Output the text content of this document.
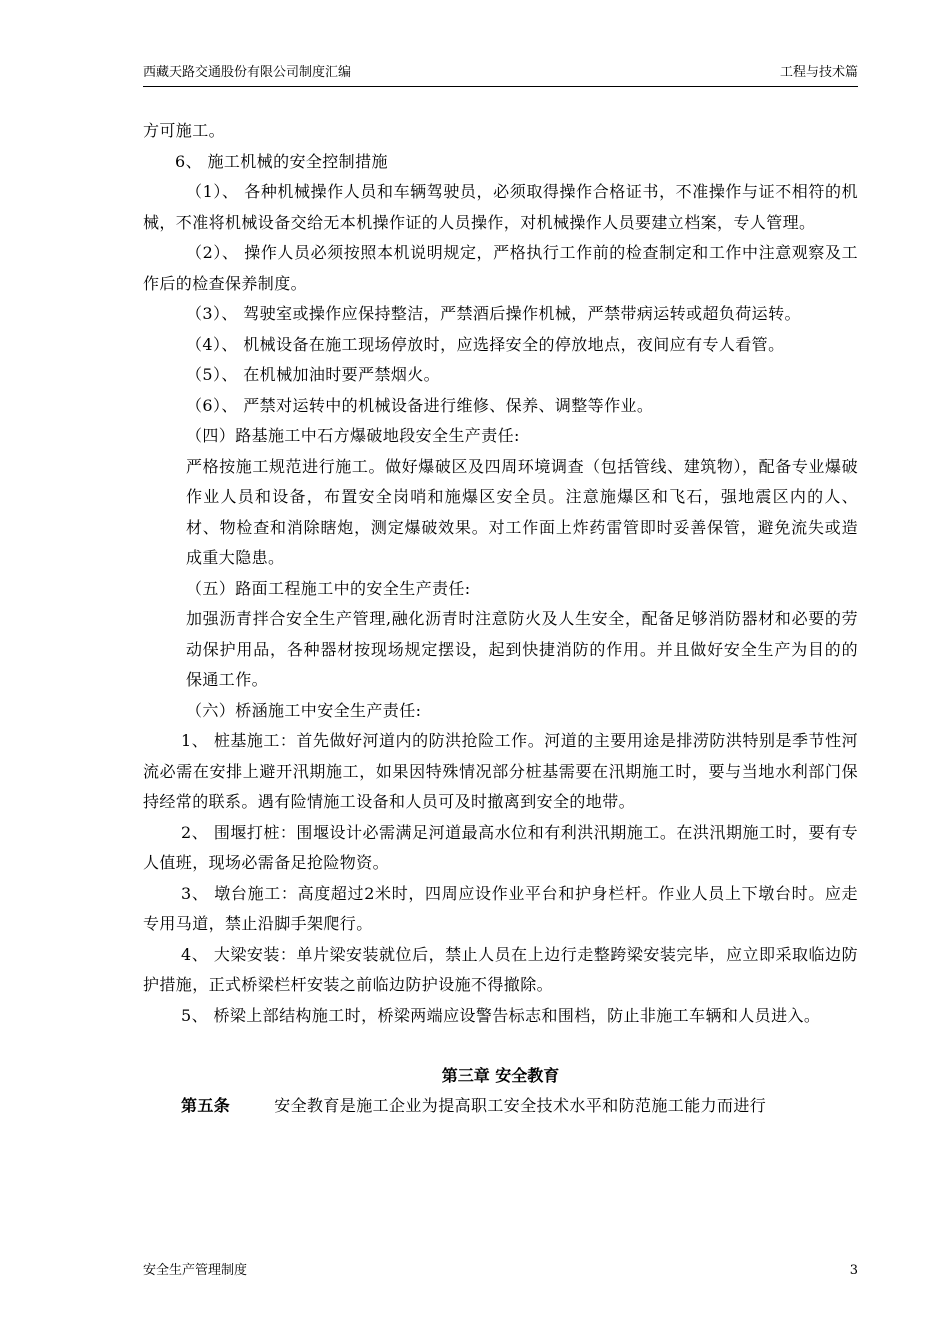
西藏天路交通股份有限公司制度汇编	工程与技术篇

方可施工。

6、 施工机械的安全控制措施

（1）、 各种机械操作人员和车辆驾驶员，必须取得操作合格证书，不准操作与证不相符的机械，不准将机械设备交给无本机操作证的人员操作，对机械操作人员要建立档案，专人管理。

（2）、 操作人员必须按照本机说明规定，严格执行工作前的检查制定和工作中注意观察及工作后的检查保养制度。

（3）、 驾驶室或操作应保持整洁，严禁酒后操作机械，严禁带病运转或超负荷运转。

（4）、 机械设备在施工现场停放时，应选择安全的停放地点，夜间应有专人看管。

（5）、 在机械加油时要严禁烟火。

（6）、 严禁对运转中的机械设备进行维修、保养、调整等作业。

（四）路基施工中石方爆破地段安全生产责任:

严格按施工规范进行施工。做好爆破区及四周环境调查（包括管线、建筑物），配备专业爆破作业人员和设备，布置安全岗哨和施爆区安全员。注意施爆区和飞石，强地震区内的人、材、物检查和消除瞎炮，测定爆破效果。对工作面上炸药雷管即时妥善保管，避免流失或造成重大隐患。

（五）路面工程施工中的安全生产责任:

加强沥青拌合安全生产管理,融化沥青时注意防火及人生安全，配备足够消防器材和必要的劳动保护用品，各种器材按现场规定摆设，起到快捷消防的作用。并且做好安全生产为目的的保通工作。

（六）桥涵施工中安全生产责任:

1、 桩基施工：首先做好河道内的防洪抢险工作。河道的主要用途是排涝防洪特别是季节性河流必需在安排上避开汛期施工，如果因特殊情况部分桩基需要在汛期施工时，要与当地水利部门保持经常的联系。遇有险情施工设备和人员可及时撤离到安全的地带。

2、 围堰打桩：围堰设计必需满足河道最高水位和有利洪汛期施工。在洪汛期施工时，要有专人值班，现场必需备足抢险物资。

3、 墩台施工：高度超过2米时，四周应设作业平台和护身栏杆。作业人员上下墩台时。应走专用马道，禁止沿脚手架爬行。

4、 大梁安装：单片梁安装就位后，禁止人员在上边行走整跨梁安装完毕，应立即采取临边防护措施，正式桥梁栏杆安装之前临边防护设施不得撤除。

5、 桥梁上部结构施工时，桥梁两端应设警告标志和围档，防止非施工车辆和人员进入。

第三章 安全教育

第五条	安全教育是施工企业为提高职工安全技术水平和防范施工能力而进行

安全生产管理制度	3
